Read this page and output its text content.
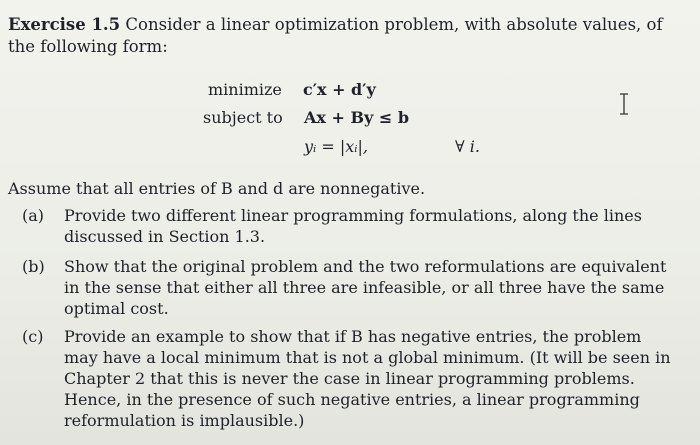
Exercise 1.5 Consider a linear optimization problem, with absolute values, of the following form:
minimize c′x + d′y
subject to Ax + By ≤ b
yᵢ = |xᵢ|,	∀ i.
Assume that all entries of B and d are nonnegative.
(a) Provide two different linear programming formulations, along the lines discussed in Section 1.3.
(b) Show that the original problem and the two reformulations are equivalent in the sense that either all three are infeasible, or all three have the same optimal cost.
(c) Provide an example to show that if B has negative entries, the problem may have a local minimum that is not a global minimum. (It will be seen in Chapter 2 that this is never the case in linear programming problems. Hence, in the presence of such negative entries, a linear programming reformulation is implausible.)
